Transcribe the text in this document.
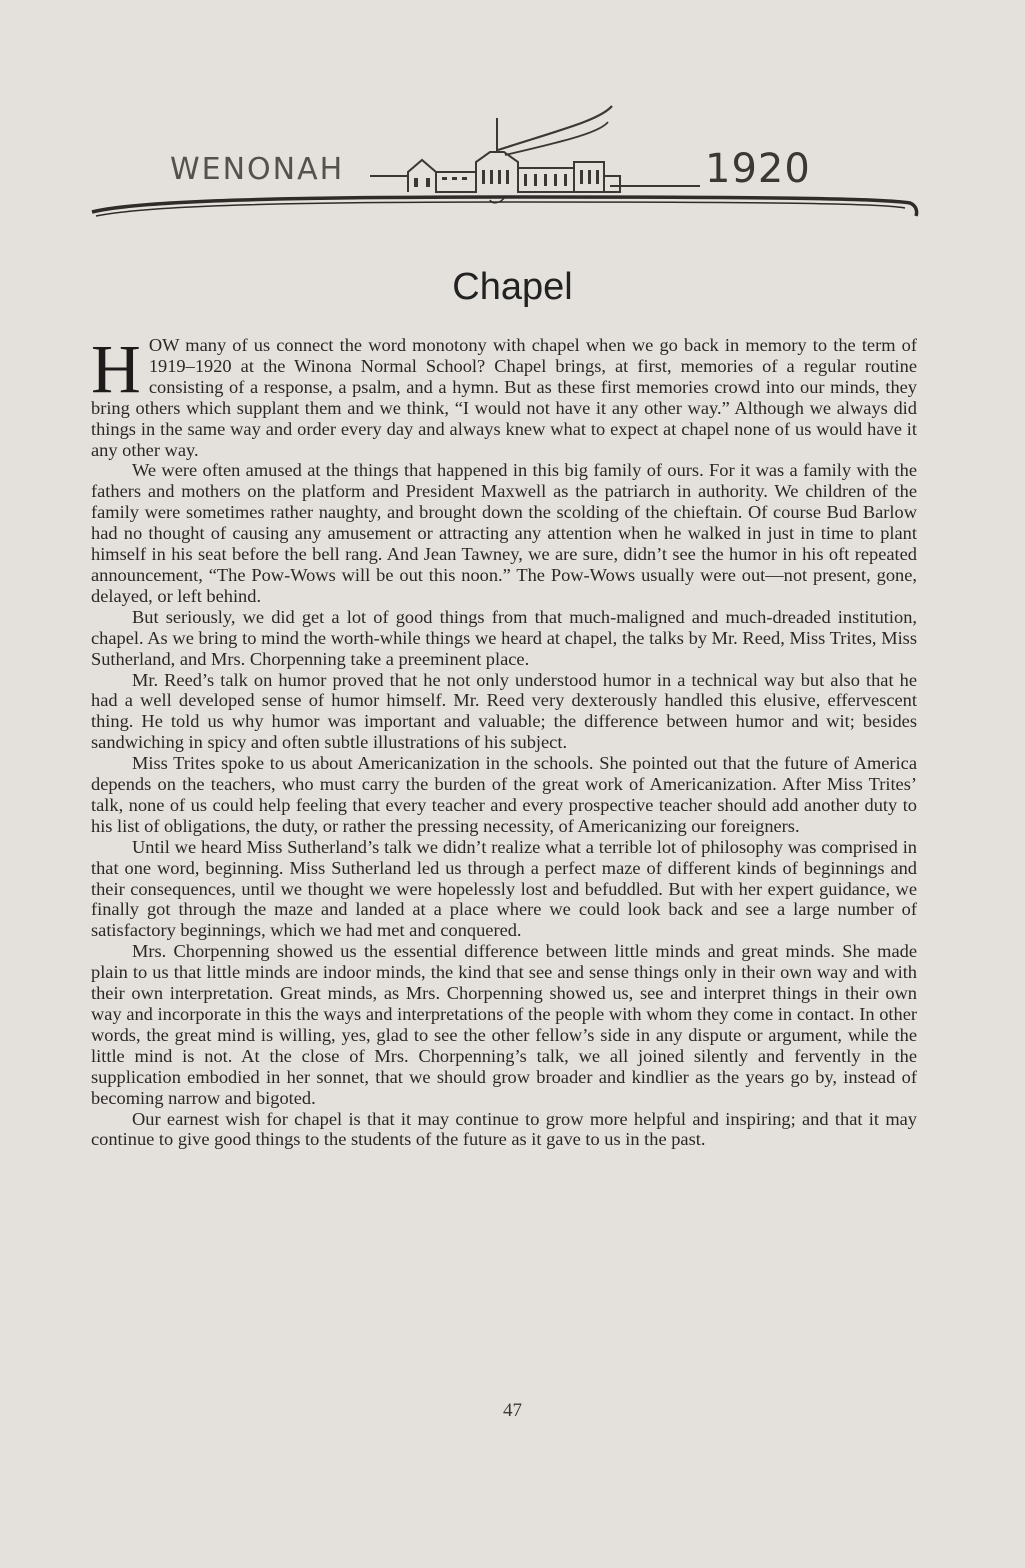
WENONAH	1920
Chapel

HOW many of us connect the word monotony with chapel when we go back in memory to the term of 1919–1920 at the Winona Normal School? Chapel brings, at first, memories of a regular routine consisting of a response, a psalm, and a hymn. But as these first memories crowd into our minds, they bring others which supplant them and we think, “I would not have it any other way.” Although we always did things in the same way and order every day and always knew what to expect at chapel none of us would have it any other way.

We were often amused at the things that happened in this big family of ours. For it was a family with the fathers and mothers on the platform and President Maxwell as the patriarch in authority. We children of the family were sometimes rather naughty, and brought down the scolding of the chieftain. Of course Bud Barlow had no thought of causing any amusement or attracting any attention when he walked in just in time to plant himself in his seat before the bell rang. And Jean Tawney, we are sure, didn’t see the humor in his oft repeated announcement, “The Pow-Wows will be out this noon.” The Pow-Wows usually were out—not present, gone, delayed, or left behind.

But seriously, we did get a lot of good things from that much-maligned and much-dreaded institution, chapel. As we bring to mind the worth-while things we heard at chapel, the talks by Mr. Reed, Miss Trites, Miss Sutherland, and Mrs. Chorpenning take a preeminent place.

Mr. Reed’s talk on humor proved that he not only understood humor in a technical way but also that he had a well developed sense of humor himself. Mr. Reed very dexterously handled this elusive, effervescent thing. He told us why humor was important and valuable; the difference between humor and wit; besides sandwiching in spicy and often subtle illustrations of his subject.

Miss Trites spoke to us about Americanization in the schools. She pointed out that the future of America depends on the teachers, who must carry the burden of the great work of Americanization. After Miss Trites’ talk, none of us could help feeling that every teacher and every prospective teacher should add another duty to his list of obligations, the duty, or rather the pressing necessity, of Americanizing our foreigners.

Until we heard Miss Sutherland’s talk we didn’t realize what a terrible lot of philosophy was comprised in that one word, beginning. Miss Sutherland led us through a perfect maze of different kinds of beginnings and their consequences, until we thought we were hopelessly lost and befuddled. But with her expert guidance, we finally got through the maze and landed at a place where we could look back and see a large number of satisfactory beginnings, which we had met and conquered.

Mrs. Chorpenning showed us the essential difference between little minds and great minds. She made plain to us that little minds are indoor minds, the kind that see and sense things only in their own way and with their own interpretation. Great minds, as Mrs. Chorpenning showed us, see and interpret things in their own way and incorporate in this the ways and interpretations of the people with whom they come in contact. In other words, the great mind is willing, yes, glad to see the other fellow’s side in any dispute or argument, while the little mind is not. At the close of Mrs. Chorpenning’s talk, we all joined silently and fervently in the supplication embodied in her sonnet, that we should grow broader and kindlier as the years go by, instead of becoming narrow and bigoted.

Our earnest wish for chapel is that it may continue to grow more helpful and inspiring; and that it may continue to give good things to the students of the future as it gave to us in the past.

47
